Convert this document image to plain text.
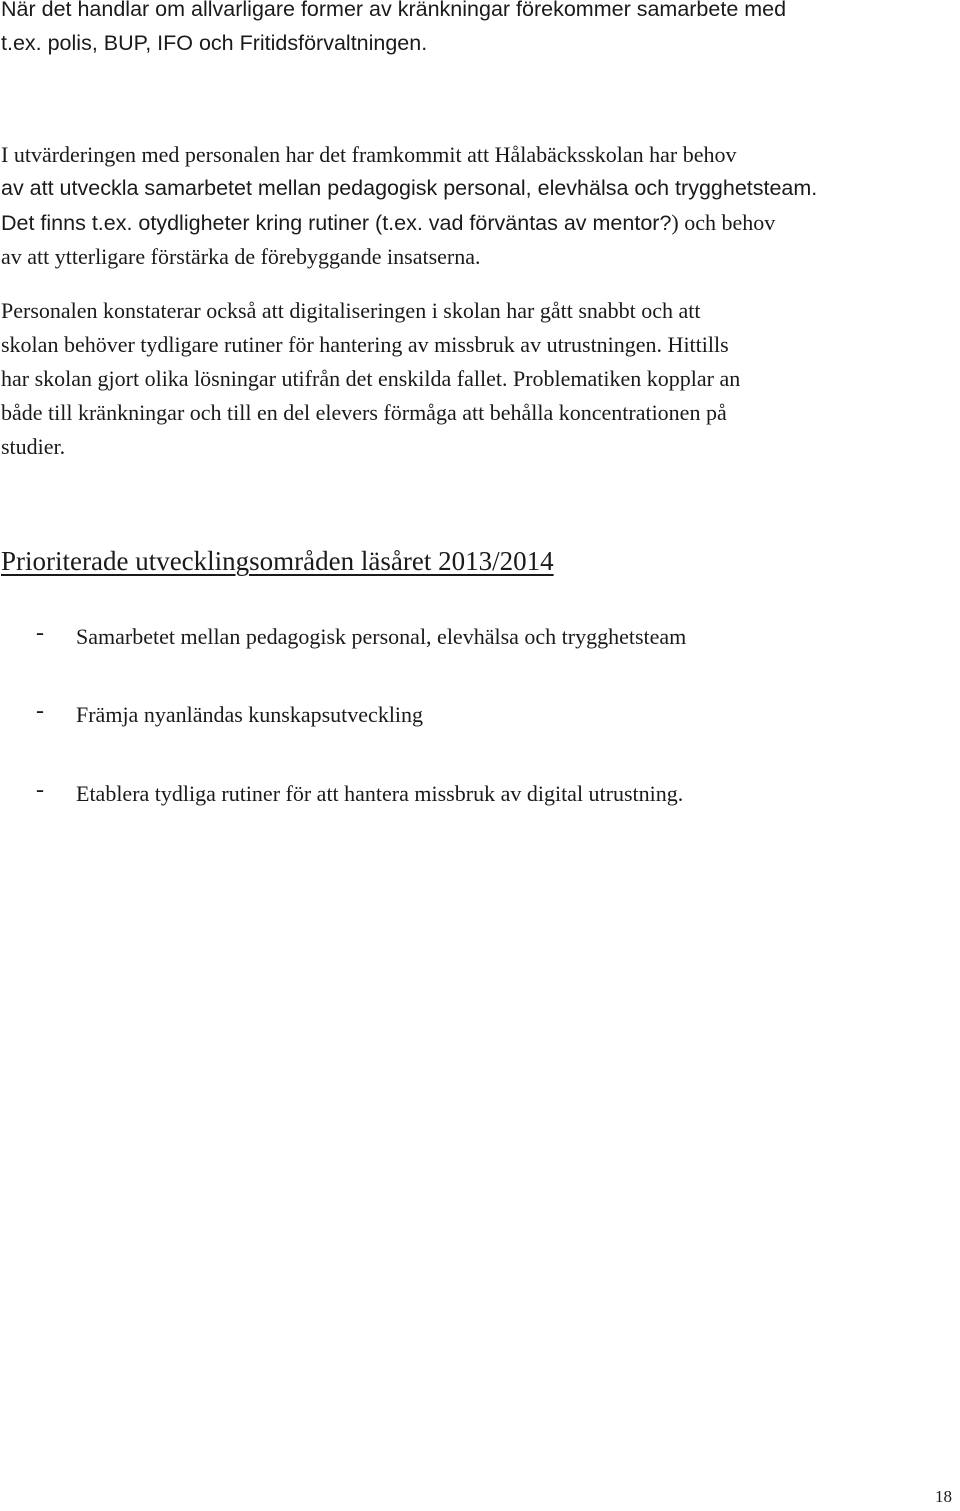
När det handlar om allvarligare former av kränkningar förekommer samarbete med

t.ex. polis, BUP, IFO och Fritidsförvaltningen.

I utvärderingen med personalen har det framkommit att Hålabäcksskolan har behov

av att utveckla samarbetet mellan pedagogisk personal, elevhälsa och trygghetsteam.

Det finns t.ex. otydligheter kring rutiner (t.ex. vad förväntas av mentor?) och behov

av att ytterligare förstärka de förebyggande insatserna.

Personalen konstaterar också att digitaliseringen i skolan har gått snabbt och att

skolan behöver tydligare rutiner för hantering av missbruk av utrustningen. Hittills

har skolan gjort olika lösningar utifrån det enskilda fallet. Problematiken kopplar an

både till kränkningar och till en del elevers förmåga att behålla koncentrationen på

studier.

Prioriterade utvecklingsområden läsåret 2013/2014
- Samarbetet mellan pedagogisk personal, elevhälsa och trygghetsteam
- Främja nyanländas kunskapsutveckling
- Etablera tydliga rutiner för att hantera missbruk av digital utrustning.
18
